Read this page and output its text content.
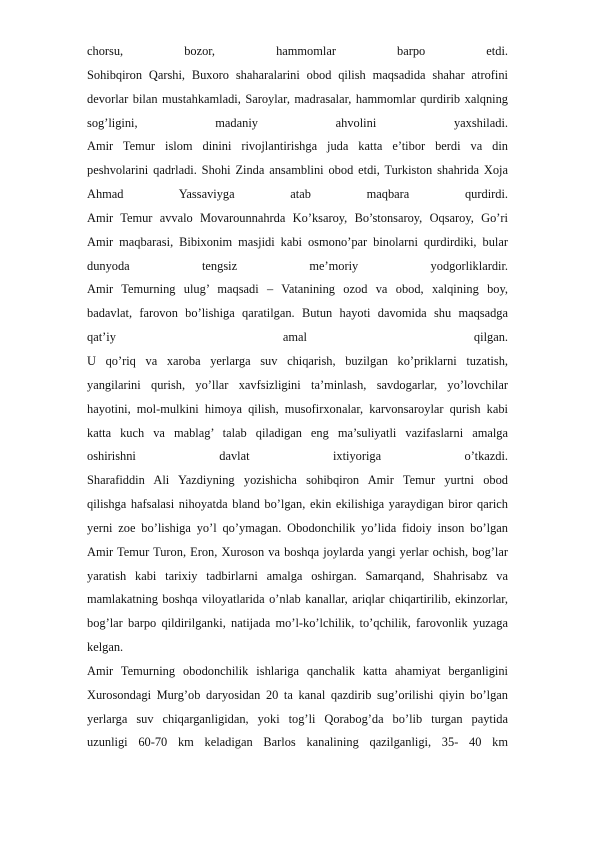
chorsu, bozor, hammomlar barpo etdi.
Sohibqiron Qarshi, Buxoro shaharalarini obod qilish maqsadida shahar atrofini
devorlar bilan mustahkamladi, Saroylar, madrasalar, hammomlar qurdirib xalqning
sog’ligini, madaniy ahvolini yaxshiladi.
Amir Temur islom dinini rivojlantirishga juda katta e’tibor berdi va din
peshvolarini qadrladi. Shohi Zinda ansamblini obod etdi, Turkiston shahrida Xoja
Ahmad Yassaviyga atab maqbara qurdirdi.
Amir Temur avvalo Movarounnahrda Ko’ksaroy, Bo’stonsaroy, Oqsaroy, Go’ri
Amir maqbarasi, Bibixonim masjidi kabi osmono’par binolarni qurdirdiki, bular
dunyoda tengsiz me’moriy yodgorliklardir.
Amir Temurning ulug’ maqsadi – Vatanining ozod va obod, xalqining boy,
badavlat, farovon bo’lishiga qaratilgan. Butun hayoti davomida shu maqsadga
qat’iy amal qilgan.
U qo’riq va xaroba yerlarga suv chiqarish, buzilgan ko’priklarni tuzatish,
yangilarini qurish, yo’llar xavfsizligini ta’minlash, savdogarlar, yo’lovchilar
hayotini, mol-mulkini himoya qilish, musofirxonalar, karvonsaroylar qurish kabi
katta kuch va mablag’ talab qiladigan eng ma’suliyatli vazifaslarni amalga
oshirishni davlat ixtiyoriga o’tkazdi.
Sharafiddin Ali Yazdiyning yozishicha sohibqiron Amir Temur yurtni obod
qilishga hafsalasi nihoyatda bland bo’lgan, ekin ekilishiga yaraydigan biror qarich
yerni zoe bo’lishiga yo’l qo’ymagan. Obodonchilik yo’lida fidoiy inson bo’lgan
Amir Temur Turon, Eron, Xuroson va boshqa joylarda yangi yerlar ochish, bog’lar
yaratish kabi tarixiy tadbirlarni amalga oshirgan. Samarqand, Shahrisabz va
mamlakatning boshqa viloyatlarida o’nlab kanallar, ariqlar chiqartirilib, ekinzorlar,
bog’lar barpo qildirilganki, natijada mo’l-ko’lchilik, to’qchilik, farovonlik yuzaga
kelgan.
Amir Temurning obodonchilik ishlariga qanchalik katta ahamiyat berganligini
Xurosondagi Murg’ob daryosidan 20 ta kanal qazdirib sug’orilishi qiyin bo’lgan
yerlarga suv chiqarganligidan, yoki tog’li Qorabog’da bo’lib turgan paytida
uzunligi 60-70 km keladigan Barlos kanalining qazilganligi, 35- 40 km
